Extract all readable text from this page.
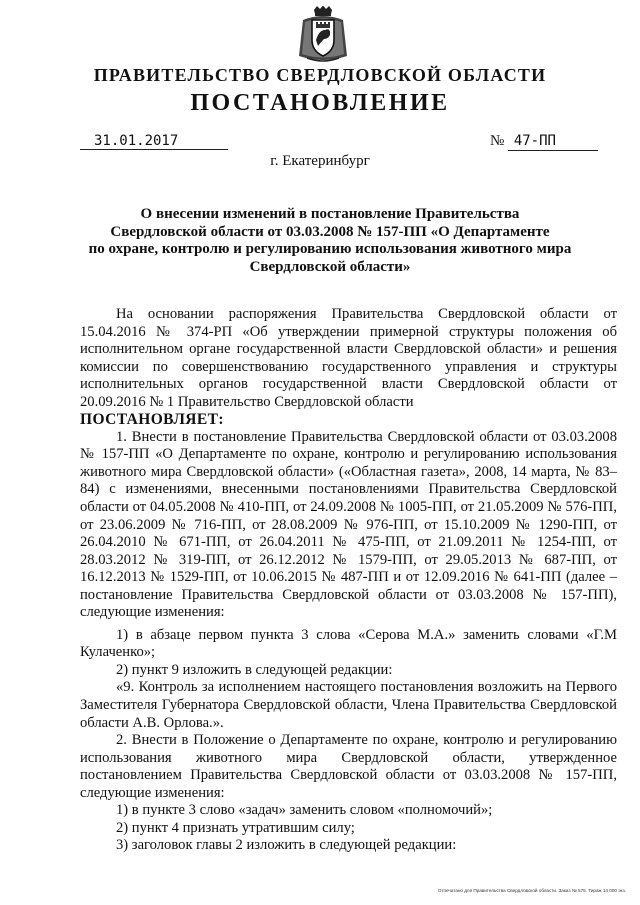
ПРАВИТЕЛЬСТВО СВЕРДЛОВСКОЙ ОБЛАСТИ
ПОСТАНОВЛЕНИЕ
31.01.2017	№ 47-ПП
г. Екатеринбург
О внесении изменений в постановление Правительства
Свердловской области от 03.03.2008 № 157-ПП «О Департаменте
по охране, контролю и регулированию использования животного мира
Свердловской области»

На основании распоряжения Правительства Свердловской области от 15.04.2016 № 374-РП «Об утверждении примерной структуры положения об исполнительном органе государственной власти Свердловской области» и решения комиссии по совершенствованию государственного управления и структуры исполнительных органов государственной власти Свердловской области от 20.09.2016 № 1 Правительство Свердловской области

ПОСТАНОВЛЯЕТ:

1. Внести в постановление Правительства Свердловской области от 03.03.2008 № 157-ПП «О Департаменте по охране, контролю и регулированию использования животного мира Свердловской области» («Областная газета», 2008, 14 марта, № 83–84) с изменениями, внесенными постановлениями Правительства Свердловской области от 04.05.2008 № 410-ПП, от 24.09.2008 № 1005-ПП, от 21.05.2009 № 576-ПП, от 23.06.2009 № 716-ПП, от 28.08.2009 № 976-ПП, от 15.10.2009 № 1290-ПП, от 26.04.2010 № 671-ПП, от 26.04.2011 № 475-ПП, от 21.09.2011 № 1254-ПП, от 28.03.2012 № 319-ПП, от 26.12.2012 № 1579-ПП, от 29.05.2013 № 687-ПП, от 16.12.2013 № 1529-ПП, от 10.06.2015 № 487-ПП и от 12.09.2016 № 641-ПП (далее – постановление Правительства Свердловской области от 03.03.2008 № 157-ПП), следующие изменения:

1) в абзаце первом пункта 3 слова «Серова М.А.» заменить словами «Г.М Кулаченко»;

2) пункт 9 изложить в следующей редакции:

«9. Контроль за исполнением настоящего постановления возложить на Первого Заместителя Губернатора Свердловской области, Члена Правительства Свердловской области А.В. Орлова.».

2. Внести в Положение о Департаменте по охране, контролю и регулированию использования животного мира Свердловской области, утвержденное постановлением Правительства Свердловской области от 03.03.2008 № 157-ПП, следующие изменения:

1) в пункте 3 слово «задач» заменить словом «полномочий»;

2) пункт 4 признать утратившим силу;

3) заголовок главы 2 изложить в следующей редакции:

Отпечатано для Правительства Свердловской области. Заказ № 575. Тираж 14 000 экз.
